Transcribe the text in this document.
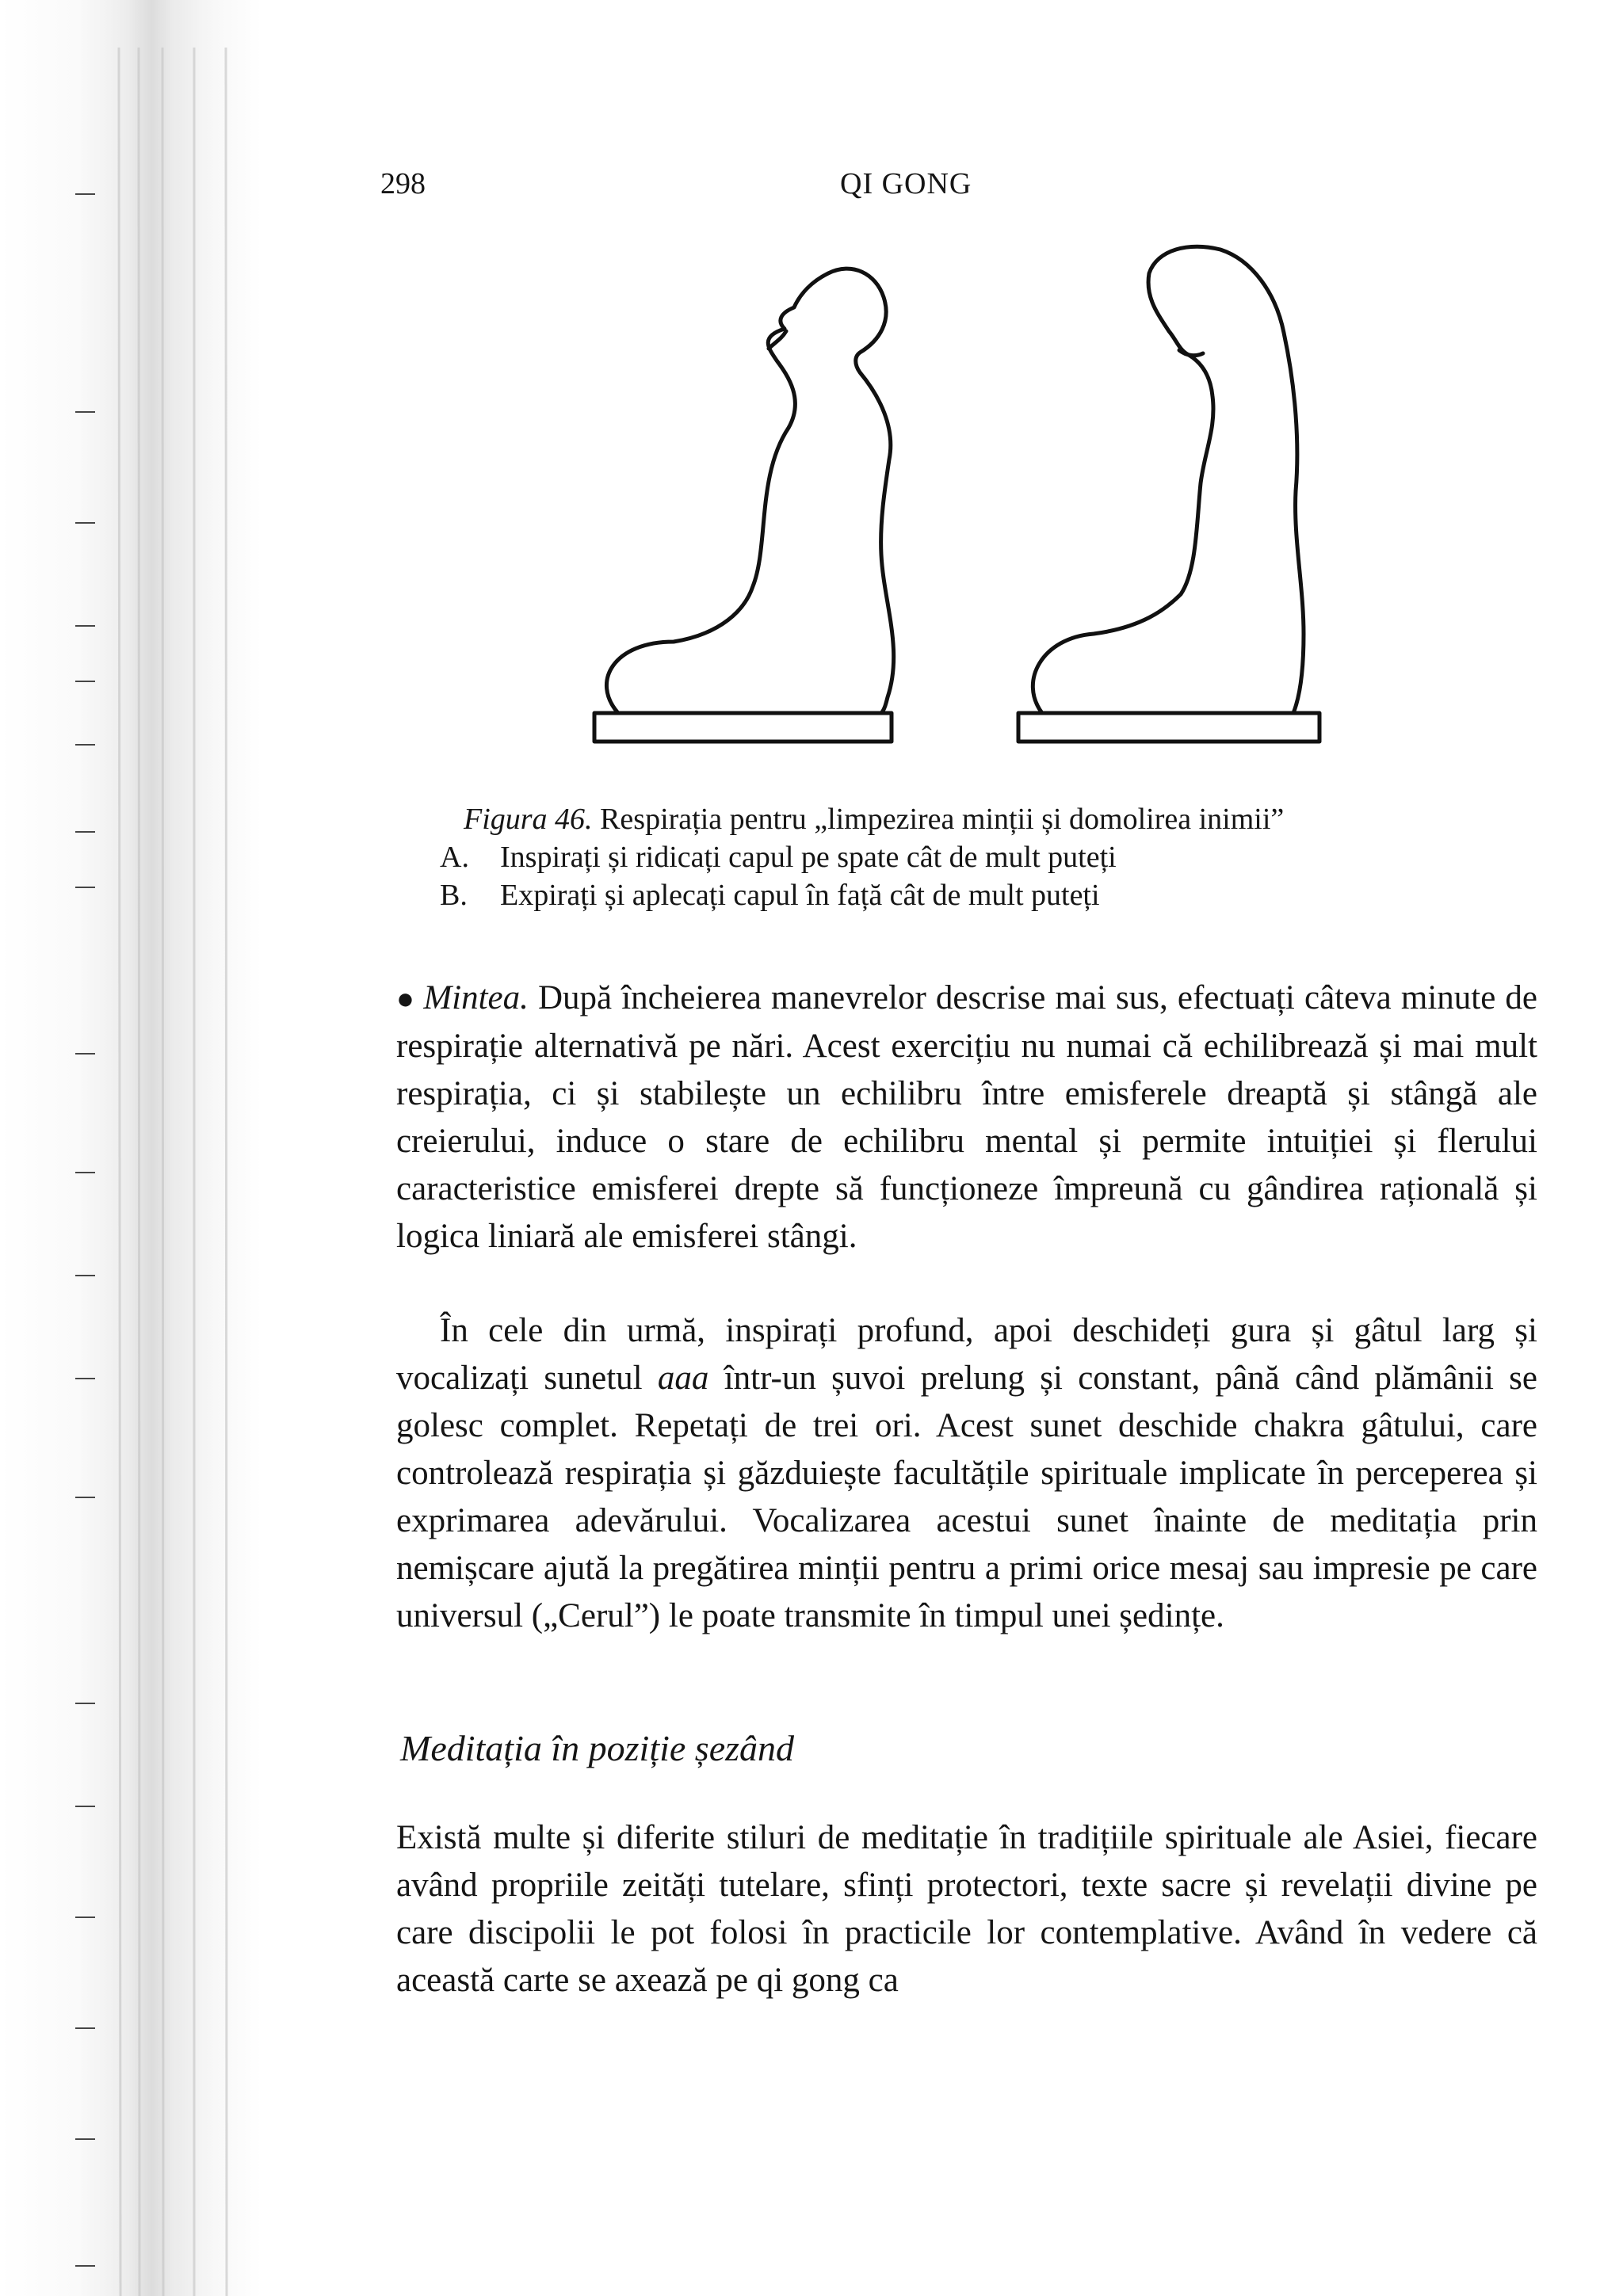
298	QI GONG
Figura 46. Respirația pentru „limpezirea minții și domolirea inimii”
A. Inspirați și ridicați capul pe spate cât de mult puteți
B. Expirați și aplecați capul în față cât de mult puteți

● Mintea. După încheierea manevrelor descrise mai sus, efectuați câteva minute de respirație alternativă pe nări. Acest exercițiu nu numai că echilibrează și mai mult respirația, ci și stabilește un echilibru între emisferele dreaptă și stângă ale creierului, induce o stare de echilibru mental și permite intuiției și flerului caracteristice emisferei drepte să funcționeze împreună cu gândirea rațională și logica liniară ale emisferei stângi.

În cele din urmă, inspirați profund, apoi deschideți gura și gâtul larg și vocalizați sunetul aaa într-un șuvoi prelung și constant, până când plămânii se golesc complet. Repetați de trei ori. Acest sunet deschide chakra gâtului, care controlează respirația și găzduiește facultățile spirituale implicate în perceperea și exprimarea adevărului. Vocalizarea acestui sunet înainte de meditația prin nemișcare ajută la pregătirea minții pentru a primi orice mesaj sau impresie pe care universul („Cerul”) le poate transmite în timpul unei ședințe.

Meditația în poziție șezând

Există multe și diferite stiluri de meditație în tradițiile spirituale ale Asiei, fiecare având propriile zeități tutelare, sfinți protectori, texte sacre și revelații divine pe care discipolii le pot folosi în practicile lor contemplative. Având în vedere că această carte se axează pe qi gong ca
